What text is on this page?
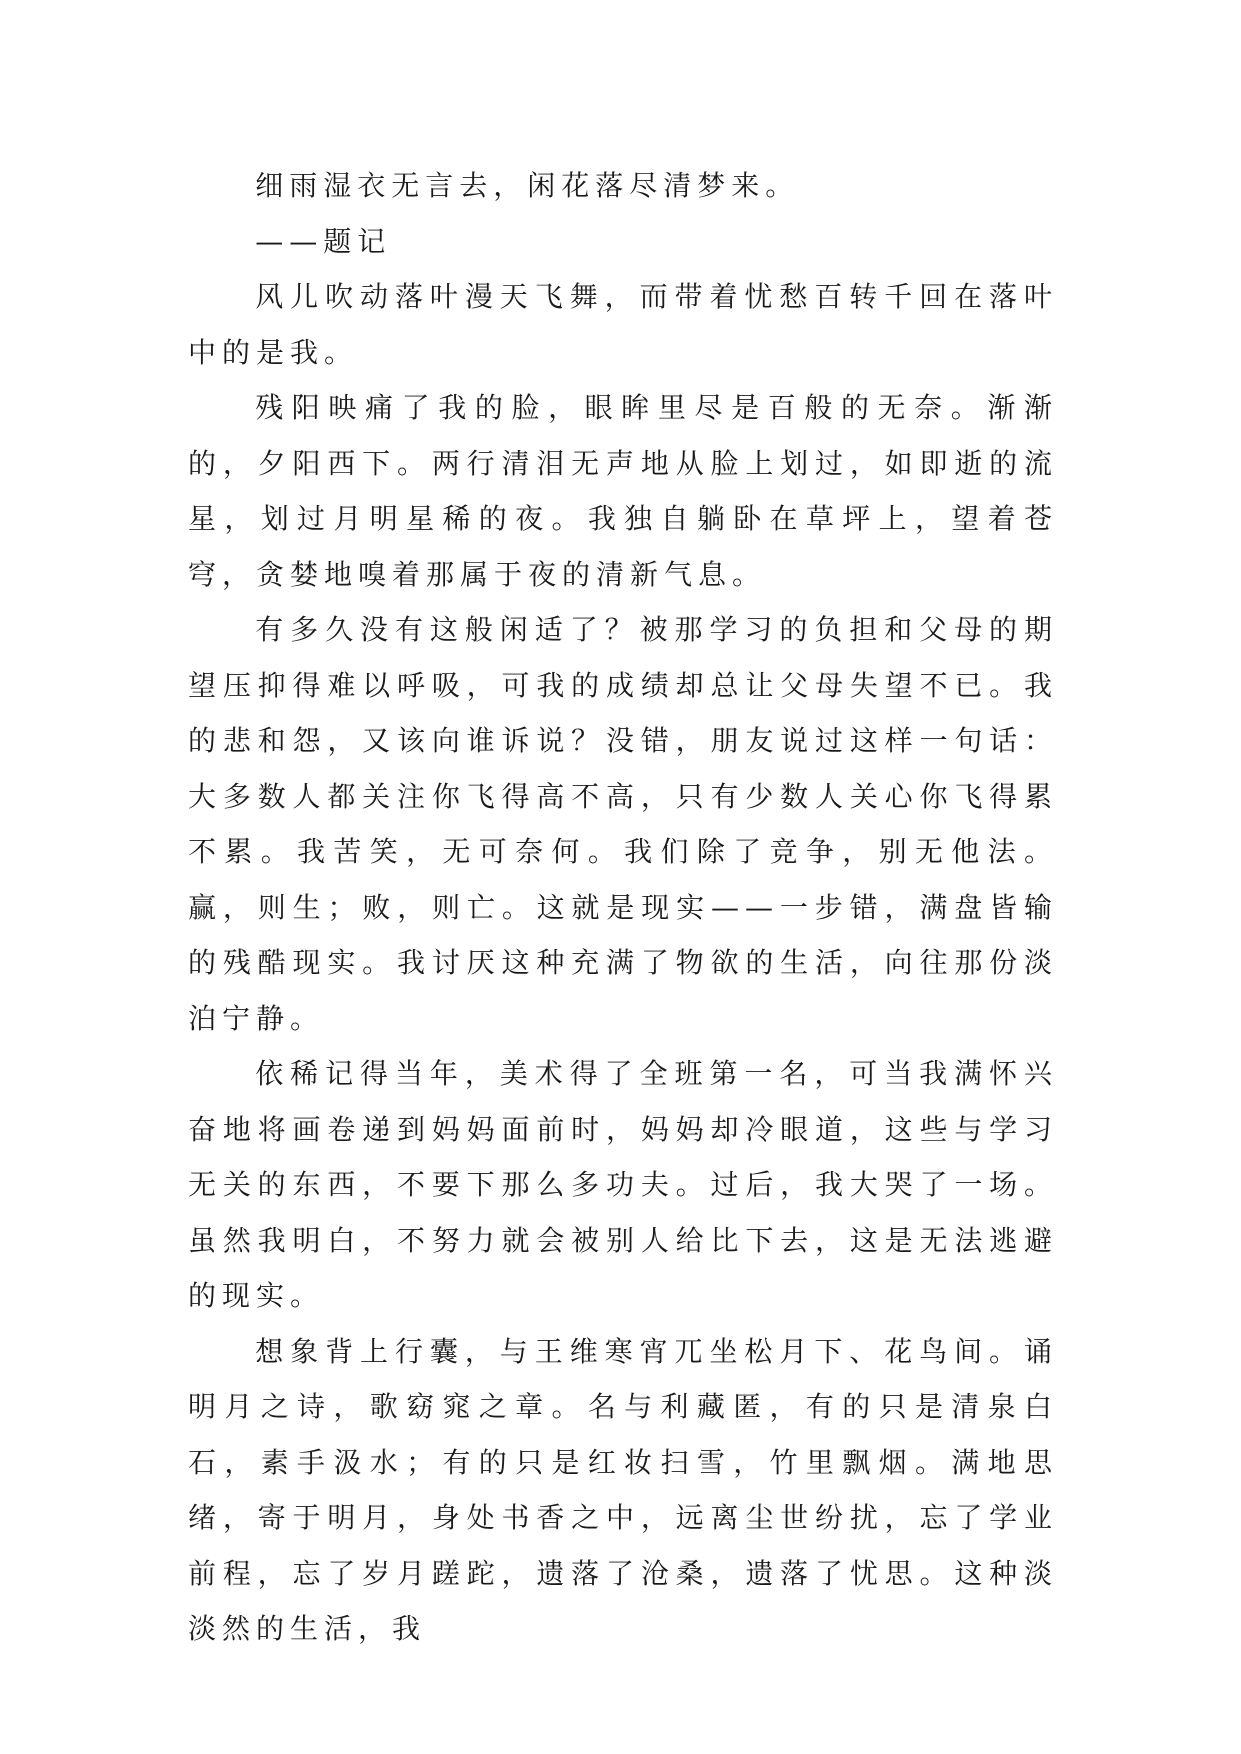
细雨湿衣无言去，闲花落尽清梦来。

——题记

风儿吹动落叶漫天飞舞，而带着忧愁百转千回在落叶中的是我。

残阳映痛了我的脸，眼眸里尽是百般的无奈。渐渐的，夕阳西下。两行清泪无声地从脸上划过，如即逝的流星，划过月明星稀的夜。我独自躺卧在草坪上，望着苍穹，贪婪地嗅着那属于夜的清新气息。

有多久没有这般闲适了？被那学习的负担和父母的期望压抑得难以呼吸，可我的成绩却总让父母失望不已。我的悲和怨，又该向谁诉说？没错，朋友说过这样一句话：大多数人都关注你飞得高不高，只有少数人关心你飞得累不累。我苦笑，无可奈何。我们除了竞争，别无他法。赢，则生；败，则亡。这就是现实——一步错，满盘皆输的残酷现实。我讨厌这种充满了物欲的生活，向往那份淡泊宁静。

依稀记得当年，美术得了全班第一名，可当我满怀兴奋地将画卷递到妈妈面前时，妈妈却冷眼道，这些与学习无关的东西，不要下那么多功夫。过后，我大哭了一场。虽然我明白，不努力就会被别人给比下去，这是无法逃避的现实。

想象背上行囊，与王维寒宵兀坐松月下、花鸟间。诵明月之诗，歌窈窕之章。名与利藏匿，有的只是清泉白石，素手汲水；有的只是红妆扫雪，竹里飘烟。满地思绪，寄于明月，身处书香之中，远离尘世纷扰，忘了学业前程，忘了岁月蹉跎，遗落了沧桑，遗落了忧思。这种淡淡然的生活，我
